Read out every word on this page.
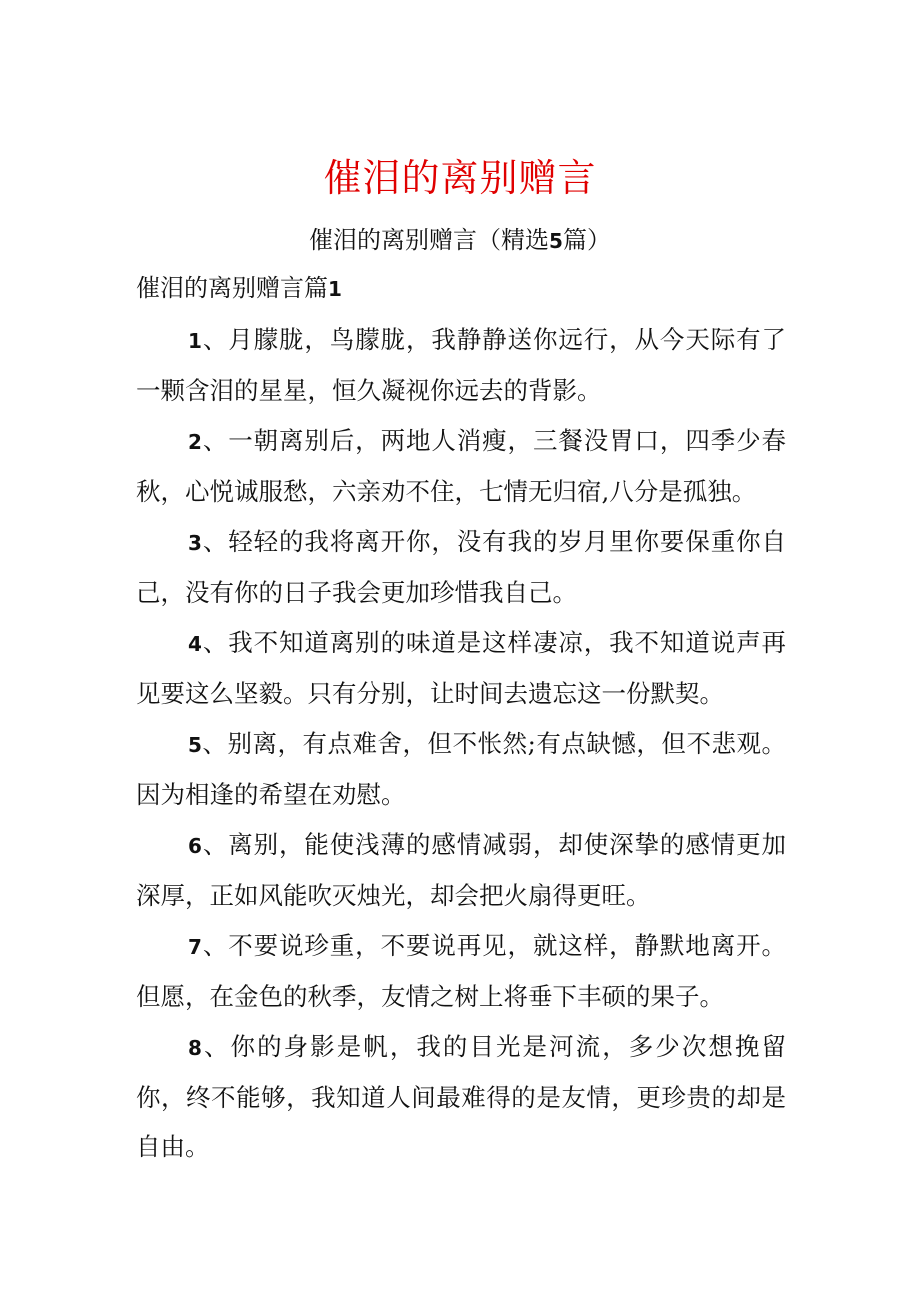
催泪的离别赠言
催泪的离别赠言（精选5篇）
催泪的离别赠言篇1

1、月朦胧，鸟朦胧，我静静送你远行，从今天际有了一颗含泪的星星，恒久凝视你远去的背影。

2、一朝离别后，两地人消瘦，三餐没胃口，四季少春秋，心悦诚服愁，六亲劝不住，七情无归宿,八分是孤独。

3、轻轻的我将离开你，没有我的岁月里你要保重你自己，没有你的日子我会更加珍惜我自己。

4、我不知道离别的味道是这样凄凉，我不知道说声再见要这么坚毅。只有分别，让时间去遗忘这一份默契。

5、别离，有点难舍，但不怅然;有点缺憾，但不悲观。因为相逢的希望在劝慰。

6、离别，能使浅薄的感情减弱，却使深挚的感情更加深厚，正如风能吹灭烛光，却会把火扇得更旺。

7、不要说珍重，不要说再见，就这样，静默地离开。但愿，在金色的秋季，友情之树上将垂下丰硕的果子。

8、你的身影是帆，我的目光是河流，多少次想挽留你，终不能够，我知道人间最难得的是友情，更珍贵的却是自由。
